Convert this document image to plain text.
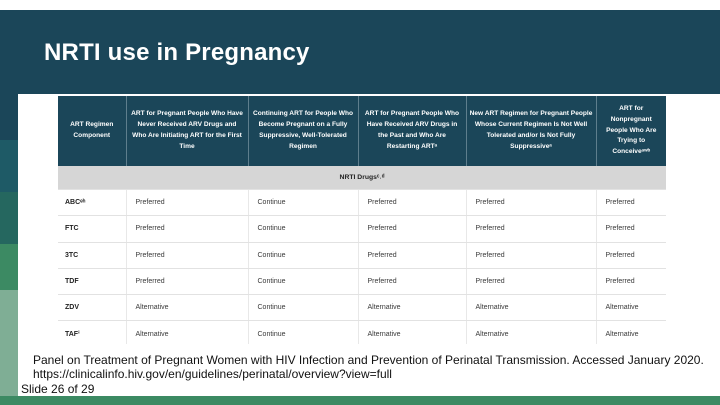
NRTI use in Pregnancy
ART Regimen Component	ART for Pregnant People Who Have Never Received ARV Drugs and Who Are Initiating ART for the First Time	Continuing ART for People Who Become Pregnant on a Fully Suppressive, Well-Tolerated Regimen	ART for Pregnant People Who Have Received ARV Drugs in the Past and Who Are Restarting ARTᵃ	New ART Regimen for Pregnant People Whose Current Regimen Is Not Well Tolerated and/or Is Not Fully Suppressiveᵃ	ART for Nonpregnant People Who Are Trying to Conceiveᵃʷᵇ
NRTI Drugsᶜ˒ᵈ					
ABCᵉʰ	Preferred	Continue	Preferred	Preferred	Preferred
FTC	Preferred	Continue	Preferred	Preferred	Preferred
3TC	Preferred	Continue	Preferred	Preferred	Preferred
TDF	Preferred	Continue	Preferred	Preferred	Preferred
ZDV	Alternative	Continue	Alternative	Alternative	Alternative
TAFⁱ	Alternative	Continue	Alternative	Alternative	Alternative
Panel on Treatment of Pregnant Women with HIV Infection and Prevention of Perinatal Transmission. Accessed January 2020.
https://clinicalinfo.hiv.gov/en/guidelines/perinatal/overview?view=full
Slide 26 of 29
